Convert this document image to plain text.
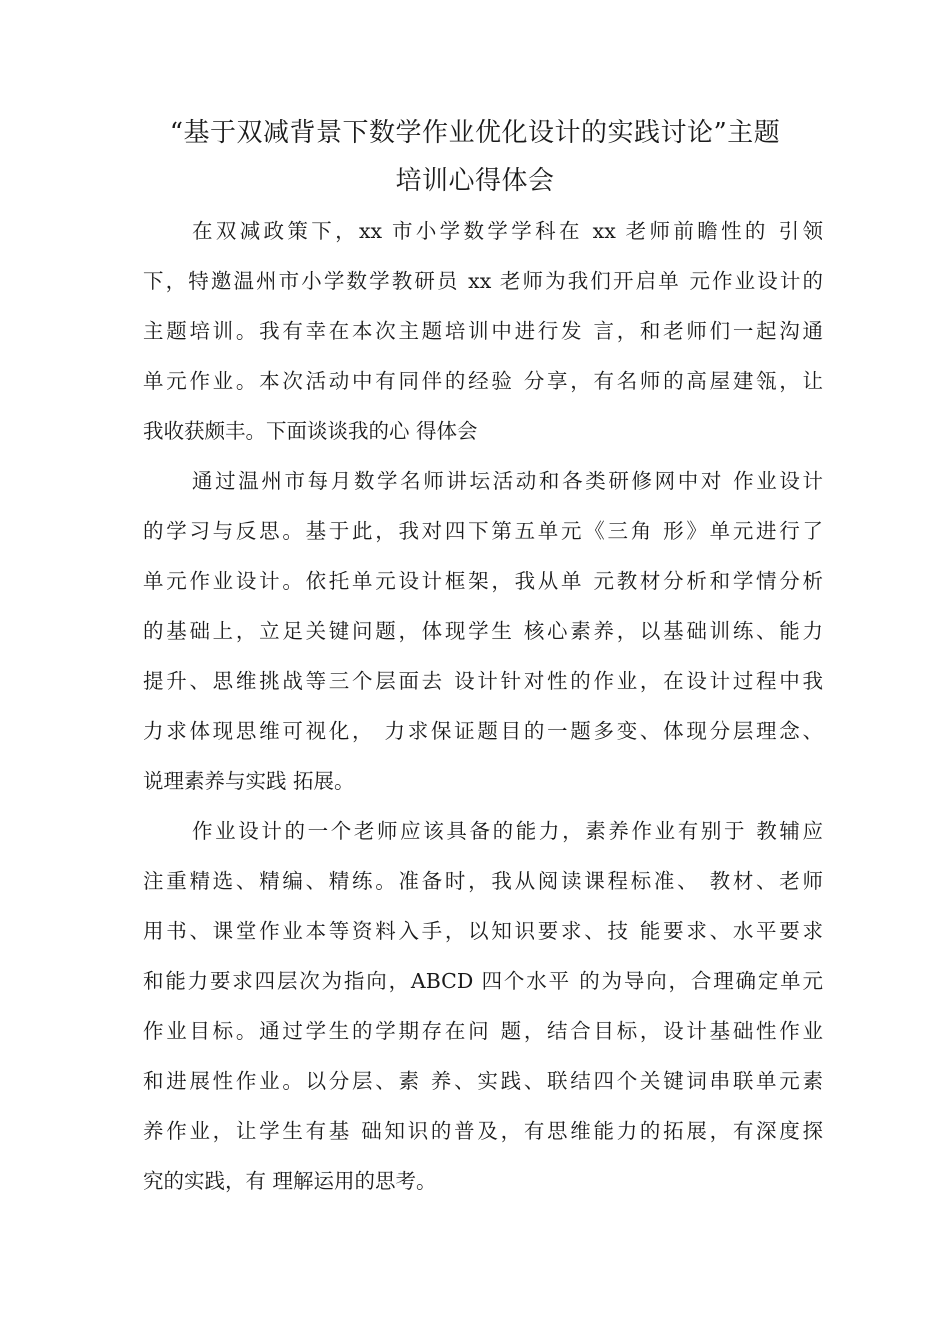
“基于双减背景下数学作业优化设计的实践讨论”主题
培训心得体会
在双减政策下，xx 市小学数学学科在 xx 老师前瞻性的 引领
下，特邀温州市小学数学教研员 xx 老师为我们开启单 元作业设计的
主题培训。我有幸在本次主题培训中进行发 言，和老师们一起沟通
单元作业。本次活动中有同伴的经验 分享，有名师的高屋建瓴，让
我收获颇丰。下面谈谈我的心 得体会
通过温州市每月数学名师讲坛活动和各类研修网中对 作业设计
的学习与反思。基于此，我对四下第五单元《三角 形》单元进行了
单元作业设计。依托单元设计框架，我从单 元教材分析和学情分析
的基础上，立足关键问题，体现学生 核心素养，以基础训练、能力
提升、思维挑战等三个层面去 设计针对性的作业，在设计过程中我
力求体现思维可视化， 力求保证题目的一题多变、体现分层理念、
说理素养与实践 拓展。
作业设计的一个老师应该具备的能力，素养作业有别于 教辅应
注重精选、精编、精练。准备时，我从阅读课程标准、 教材、老师
用书、课堂作业本等资料入手，以知识要求、技 能要求、水平要求
和能力要求四层次为指向，ABCD 四个水平 的为导向，合理确定单元
作业目标。通过学生的学期存在问 题，结合目标，设计基础性作业
和进展性作业。以分层、素 养、实践、联结四个关键词串联单元素
养作业，让学生有基 础知识的普及，有思维能力的拓展，有深度探
究的实践，有 理解运用的思考。
